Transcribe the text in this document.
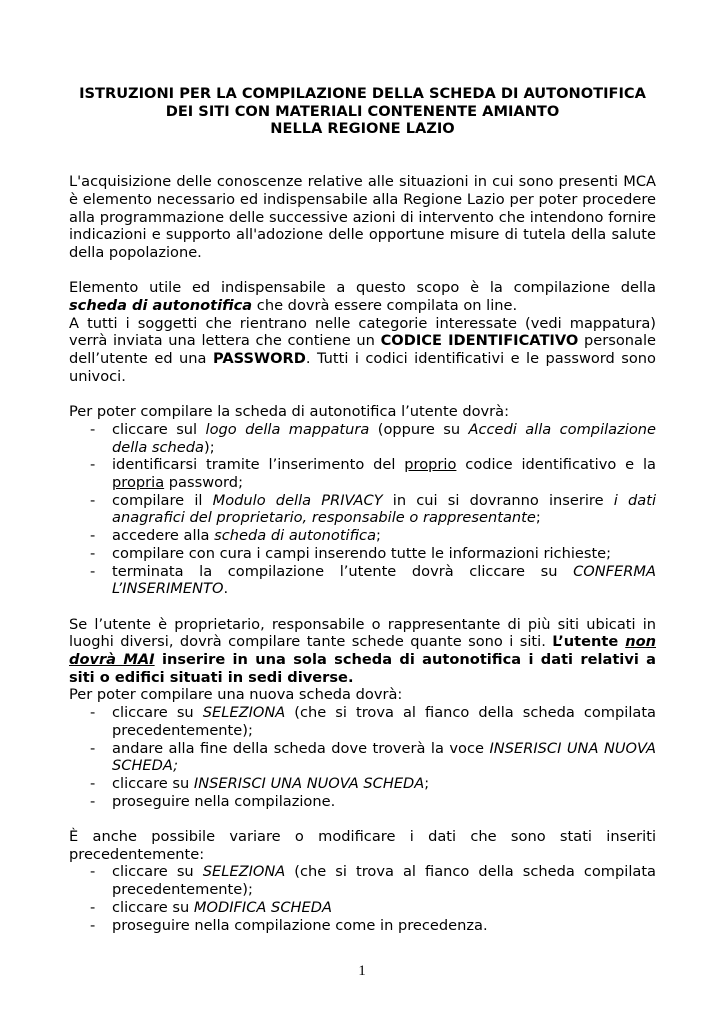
ISTRUZIONI PER LA COMPILAZIONE DELLA SCHEDA DI AUTONOTIFICA
DEI SITI CON MATERIALI CONTENENTE AMIANTO
NELLA REGIONE LAZIO

L'acquisizione delle conoscenze relative alle situazioni in cui sono presenti MCA è elemento necessario ed indispensabile alla Regione Lazio per poter procedere alla programmazione delle successive azioni di intervento che intendono fornire indicazioni e supporto all'adozione delle opportune misure di tutela della salute della popolazione.

Elemento utile ed indispensabile a questo scopo è la compilazione della scheda di autonotifica che dovrà essere compilata on line.

A tutti i soggetti che rientrano nelle categorie interessate (vedi mappatura) verrà inviata una lettera che contiene un CODICE IDENTIFICATIVO personale dell’utente ed una PASSWORD. Tutti i codici identificativi e le password sono univoci.

Per poter compilare la scheda di autonotifica l’utente dovrà:

- cliccare sul logo della mappatura (oppure su Accedi alla compilazione della scheda);
- identificarsi tramite l’inserimento del proprio codice identificativo e la propria password;
- compilare il Modulo della PRIVACY in cui si dovranno inserire i dati anagrafici del proprietario, responsabile o rappresentante;
- accedere alla scheda di autonotifica;
- compilare con cura i campi inserendo tutte le informazioni richieste;
- terminata la compilazione l’utente dovrà cliccare su CONFERMA L’INSERIMENTO.

Se l’utente è proprietario, responsabile o rappresentante di più siti ubicati in luoghi diversi, dovrà compilare tante schede quante sono i siti. L’utente non dovrà MAI inserire in una sola scheda di autonotifica i dati relativi a siti o edifici situati in sedi diverse.

Per poter compilare una nuova scheda dovrà:

- cliccare su SELEZIONA (che si trova al fianco della scheda compilata precedentemente);
- andare alla fine della scheda dove troverà la voce INSERISCI UNA NUOVA SCHEDA;
- cliccare su INSERISCI UNA NUOVA SCHEDA;
- proseguire nella compilazione.

È anche possibile variare o modificare i dati che sono stati inseriti precedentemente:

- cliccare su SELEZIONA (che si trova al fianco della scheda compilata precedentemente);
- cliccare su MODIFICA SCHEDA
- proseguire nella compilazione come in precedenza.
1
